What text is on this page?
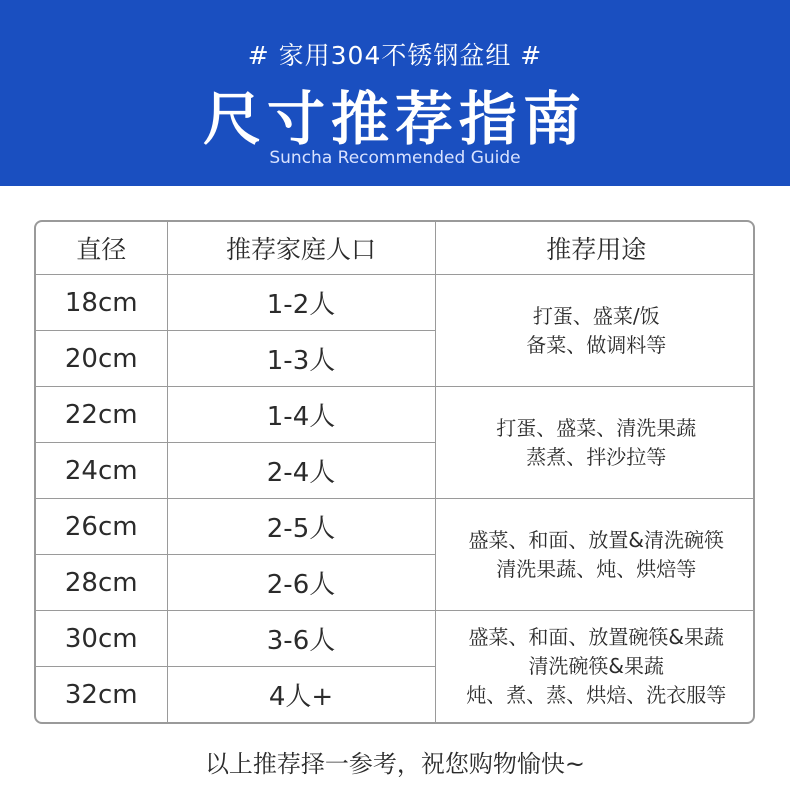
# 家用304不锈钢盆组 #
尺寸推荐指南
Suncha Recommended Guide
直径	推荐家庭人口	推荐用途
18cm	1-2人	打蛋、盛菜/饭
备菜、做调料等

20cm	1-3人	
22cm	1-4人	打蛋、盛菜、清洗果蔬
蒸煮、拌沙拉等

24cm	2-4人	
26cm	2-5人	盛菜、和面、放置&清洗碗筷
清洗果蔬、炖、烘焙等

28cm	2-6人	
30cm	3-6人	盛菜、和面、放置碗筷&果蔬
清洗碗筷&果蔬
炖、煮、蒸、烘焙、洗衣服等

32cm	4人+	
以上推荐择一参考，祝您购物愉快~
